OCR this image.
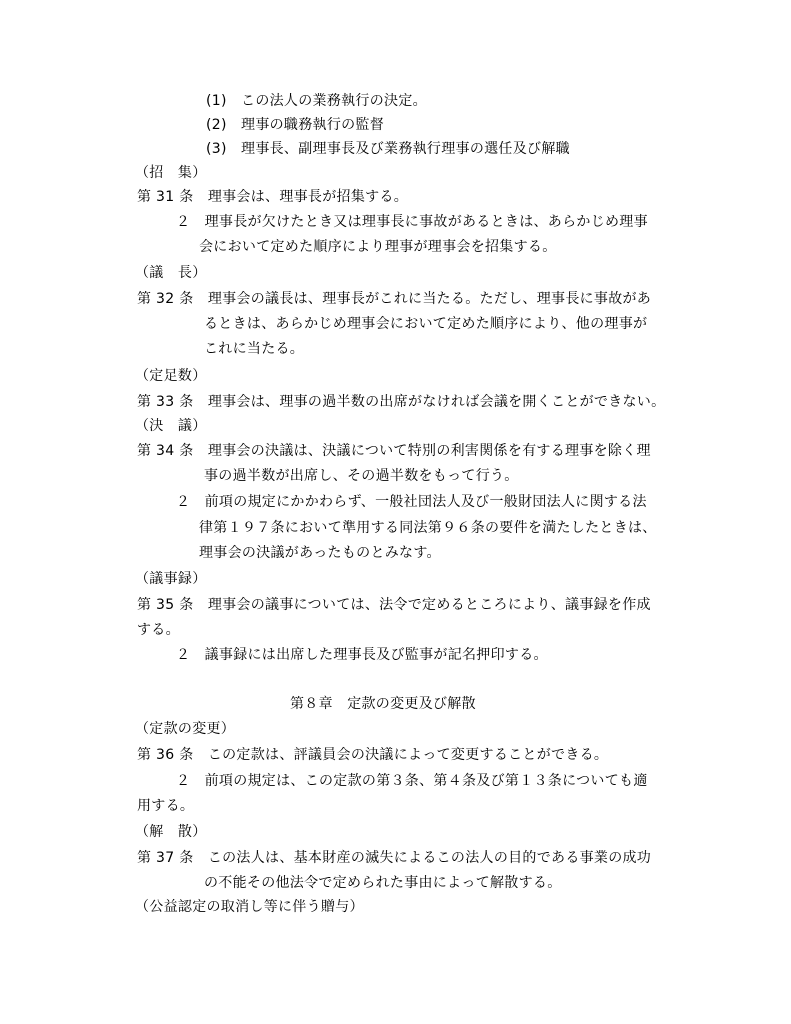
(1)　この法人の業務執行の決定。
(2)　理事の職務執行の監督
(3)　理事長、副理事長及び業務執行理事の選任及び解職
（招　集）
第 31 条　理事会は、理事長が招集する。
２　理事長が欠けたとき又は理事長に事故があるときは、あらかじめ理事
会において定めた順序により理事が理事会を招集する。
（議　長）
第 32 条　理事会の議長は、理事長がこれに当たる。ただし、理事長に事故があ
るときは、あらかじめ理事会において定めた順序により、他の理事が
これに当たる。
（定足数）
第 33 条　理事会は、理事の過半数の出席がなければ会議を開くことができない。
（決　議）
第 34 条　理事会の決議は、決議について特別の利害関係を有する理事を除く理
事の過半数が出席し、その過半数をもって行う。
２　前項の規定にかかわらず、一般社団法人及び一般財団法人に関する法
律第１９７条において準用する同法第９６条の要件を満たしたときは、
理事会の決議があったものとみなす。
（議事録）
第 35 条　理事会の議事については、法令で定めるところにより、議事録を作成
する。
２　議事録には出席した理事長及び監事が記名押印する。
第８章　定款の変更及び解散
（定款の変更）
第 36 条　この定款は、評議員会の決議によって変更することができる。
２　前項の規定は、この定款の第３条、第４条及び第１３条についても適
用する。
（解　散）
第 37 条　この法人は、基本財産の滅失によるこの法人の目的である事業の成功
の不能その他法令で定められた事由によって解散する。
（公益認定の取消し等に伴う贈与）
